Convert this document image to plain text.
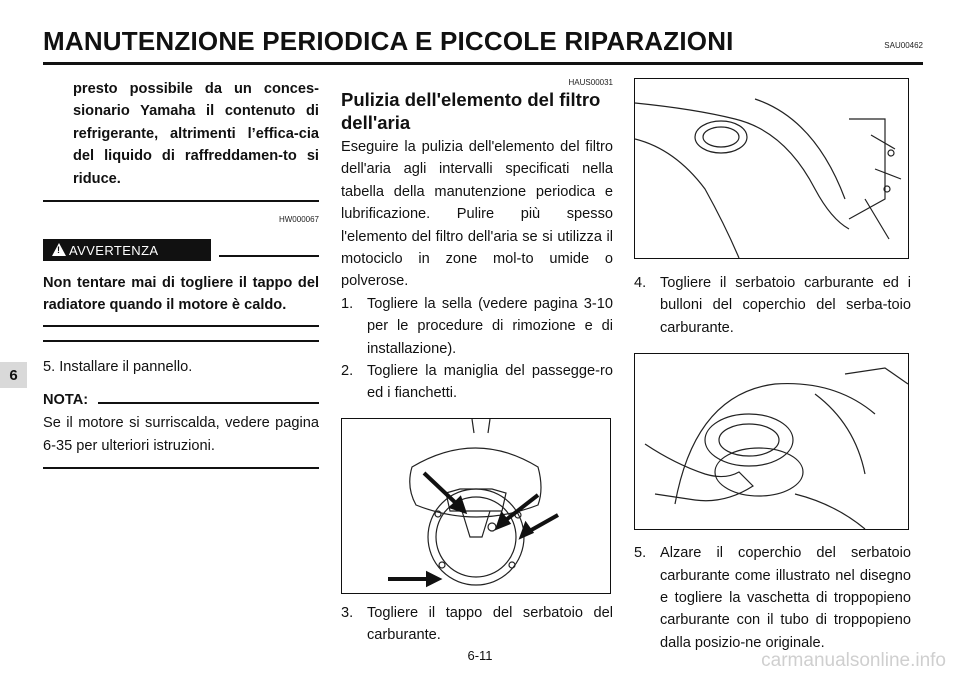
MANUTENZIONE PERIODICA E PICCOLE RIPARAZIONI	SAU00462
6
presto possibile da un conces-sionario Yamaha il contenuto di refrigerante, altrimenti l’effica-cia del liquido di raffreddamen-to si riduce.
HW000067
!
AVVERTENZA
Non tentare mai di togliere il tappo del radiatore quando il motore è caldo.
5. Installare il pannello.
NOTA:
Se il motore si surriscalda, vedere pagina 6-35 per ulteriori istruzioni.
HAUS00031
Pulizia dell'elemento del filtro dell'aria
Eseguire la pulizia dell'elemento del filtro dell'aria agli intervalli specificati nella tabella della manutenzione periodica e lubrificazione. Pulire più spesso l'elemento del filtro dell'aria se si utilizza il motociclo in zone mol-to umide o polverose.
1. Togliere la sella (vedere pagina 3-10 per le procedure di rimozione e di installazione).
2. Togliere la maniglia del passegge-ro ed i fianchetti.
3. Togliere il tappo del serbatoio del carburante.
4. Togliere il serbatoio carburante ed i bulloni del coperchio del serba-toio carburante.
5. Alzare il coperchio del serbatoio carburante come illustrato nel disegno e togliere la vaschetta di troppopieno carburante con il tubo di troppopieno dalla posizio-ne originale.
6-11	carmanualsonline.info
